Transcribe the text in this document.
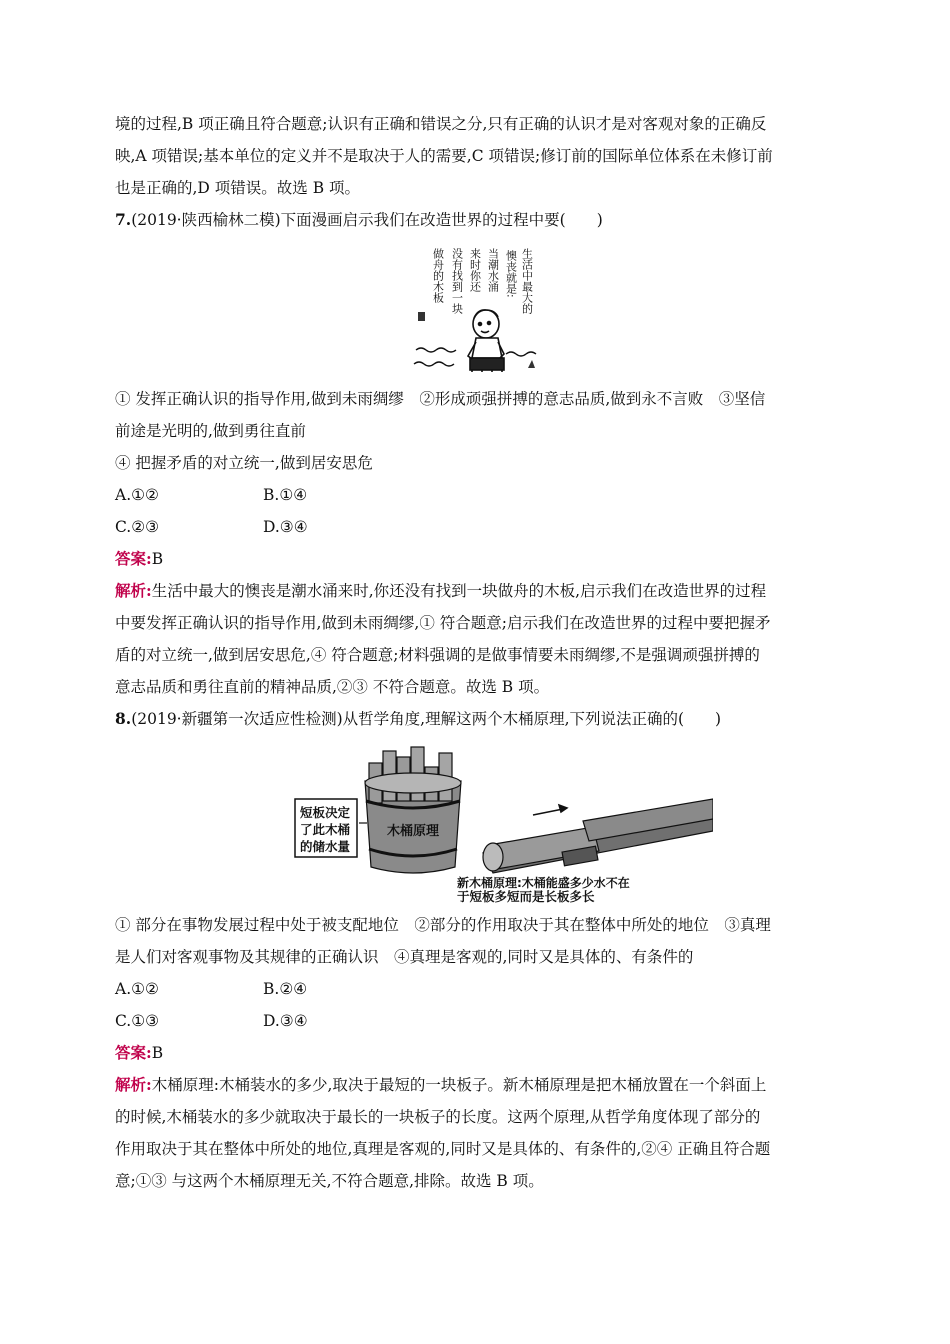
境的过程,B 项正确且符合题意;认识有正确和错误之分,只有正确的认识才是对客观对象的正确反
映,A 项错误;基本单位的定义并不是取决于人的需要,C 项错误;修订前的国际单位体系在未修订前
也是正确的,D 项错误。故选 B 项。
7.(2019·陕西榆林二模)下面漫画启示我们在改造世界的过程中要(　　)
生活中最大的
懊丧就是:
当潮水涌
来时你还
没有找到一块
做舟的木板
① 发挥正确认识的指导作用,做到未雨绸缪　②形成顽强拼搏的意志品质,做到永不言败　③坚信
前途是光明的,做到勇往直前
④ 把握矛盾的对立统一,做到居安思危
A.①②	B.①④
C.②③	D.③④
答案:B
解析:生活中最大的懊丧是潮水涌来时,你还没有找到一块做舟的木板,启示我们在改造世界的过程
中要发挥正确认识的指导作用,做到未雨绸缪,① 符合题意;启示我们在改造世界的过程中要把握矛
盾的对立统一,做到居安思危,④ 符合题意;材料强调的是做事情要未雨绸缪,不是强调顽强拼搏的
意志品质和勇往直前的精神品质,②③ 不符合题意。故选 B 项。
8.(2019·新疆第一次适应性检测)从哲学角度,理解这两个木桶原理,下列说法正确的(　　)
短板决定
了此木桶
的储水量
木桶原理
新木桶原理:木桶能盛多少水不在
于短板多短而是长板多长
① 部分在事物发展过程中处于被支配地位　②部分的作用取决于其在整体中所处的地位　③真理
是人们对客观事物及其规律的正确认识　④真理是客观的,同时又是具体的、有条件的
A.①②	B.②④
C.①③	D.③④
答案:B
解析:木桶原理:木桶装水的多少,取决于最短的一块板子。新木桶原理是把木桶放置在一个斜面上
的时候,木桶装水的多少就取决于最长的一块板子的长度。这两个原理,从哲学角度体现了部分的
作用取决于其在整体中所处的地位,真理是客观的,同时又是具体的、有条件的,②④ 正确且符合题
意;①③ 与这两个木桶原理无关,不符合题意,排除。故选 B 项。
